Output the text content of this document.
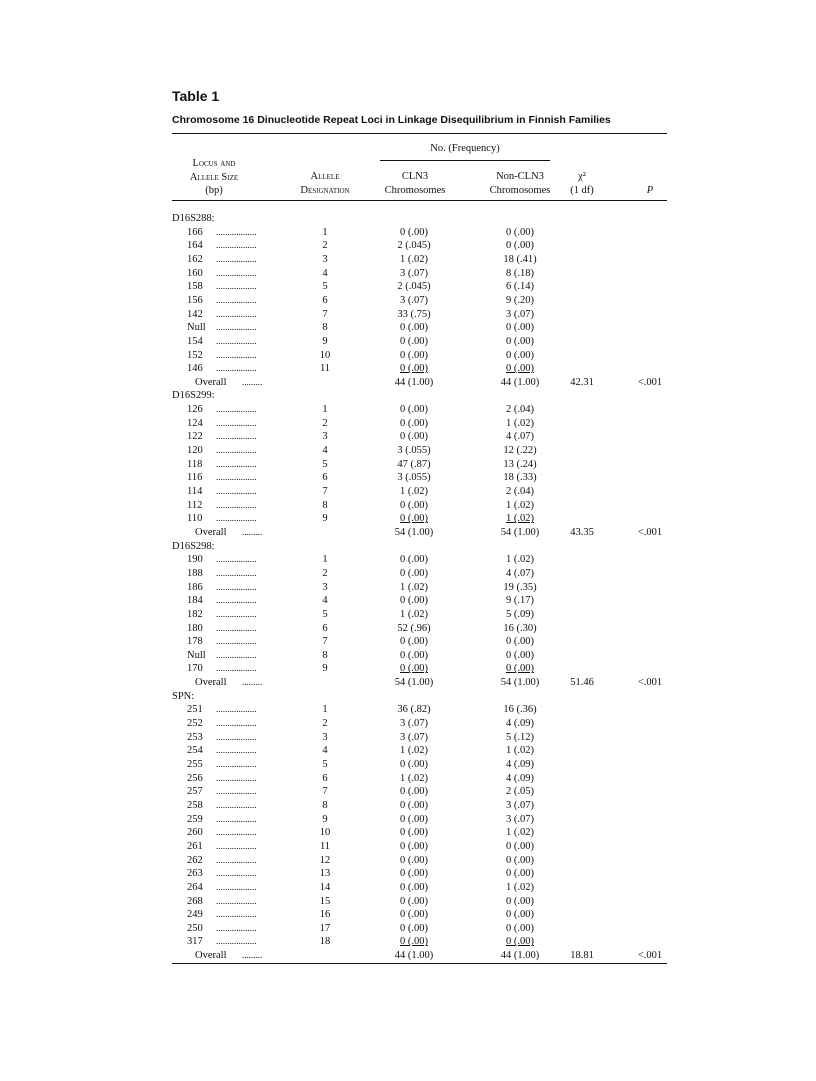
Table 1
Chromosome 16 Dinucleotide Repeat Loci in Linkage Disequilibrium in Finnish Families
Locus and
Allele Size
(bp)
Allele
Designation
No. (Frequency)
CLN3
Chromosomes
Non-CLN3
Chromosomes
χ²
(1 df)	P
D16S288:
166 ..................	1	0 (.00)	0 (.00)
164 ..................	2	2 (.045)	0 (.00)
162 ..................	3	1 (.02)	18 (.41)
160 ..................	4	3 (.07)	8 (.18)
158 ..................	5	2 (.045)	6 (.14)
156 ..................	6	3 (.07)	9 (.20)
142 ..................	7	33 (.75)	3 (.07)
Null ..................	8	0 (.00)	0 (.00)
154 ..................	9	0 (.00)	0 (.00)
152 ..................	10	0 (.00)	0 (.00)
146 ..................	11	0 (.00)	0 (.00)
Overall .........	44 (1.00)	44 (1.00)	42.31	<.001
D16S299:
126 ..................	1	0 (.00)	2 (.04)
124 ..................	2	0 (.00)	1 (.02)
122 ..................	3	0 (.00)	4 (.07)
120 ..................	4	3 (.055)	12 (.22)
118 ..................	5	47 (.87)	13 (.24)
116 ..................	6	3 (.055)	18 (.33)
114 ..................	7	1 (.02)	2 (.04)
112 ..................	8	0 (.00)	1 (.02)
110 ..................	9	0 (.00)	1 (.02)
Overall .........	54 (1.00)	54 (1.00)	43.35	<.001
D16S298:
190 ..................	1	0 (.00)	1 (.02)
188 ..................	2	0 (.00)	4 (.07)
186 ..................	3	1 (.02)	19 (.35)
184 ..................	4	0 (.00)	9 (.17)
182 ..................	5	1 (.02)	5 (.09)
180 ..................	6	52 (.96)	16 (.30)
178 ..................	7	0 (.00)	0 (.00)
Null ..................	8	0 (.00)	0 (.00)
170 ..................	9	0 (.00)	0 (.00)
Overall .........	54 (1.00)	54 (1.00)	51.46	<.001
SPN:
251 ..................	1	36 (.82)	16 (.36)
252 ..................	2	3 (.07)	4 (.09)
253 ..................	3	3 (.07)	5 (.12)
254 ..................	4	1 (.02)	1 (.02)
255 ..................	5	0 (.00)	4 (.09)
256 ..................	6	1 (.02)	4 (.09)
257 ..................	7	0 (.00)	2 (.05)
258 ..................	8	0 (.00)	3 (.07)
259 ..................	9	0 (.00)	3 (.07)
260 ..................	10	0 (.00)	1 (.02)
261 ..................	11	0 (.00)	0 (.00)
262 ..................	12	0 (.00)	0 (.00)
263 ..................	13	0 (.00)	0 (.00)
264 ..................	14	0 (.00)	1 (.02)
268 ..................	15	0 (.00)	0 (.00)
249 ..................	16	0 (.00)	0 (.00)
250 ..................	17	0 (.00)	0 (.00)
317 ..................	18	0 (.00)	0 (.00)
Overall .........	44 (1.00)	44 (1.00)	18.81	<.001
